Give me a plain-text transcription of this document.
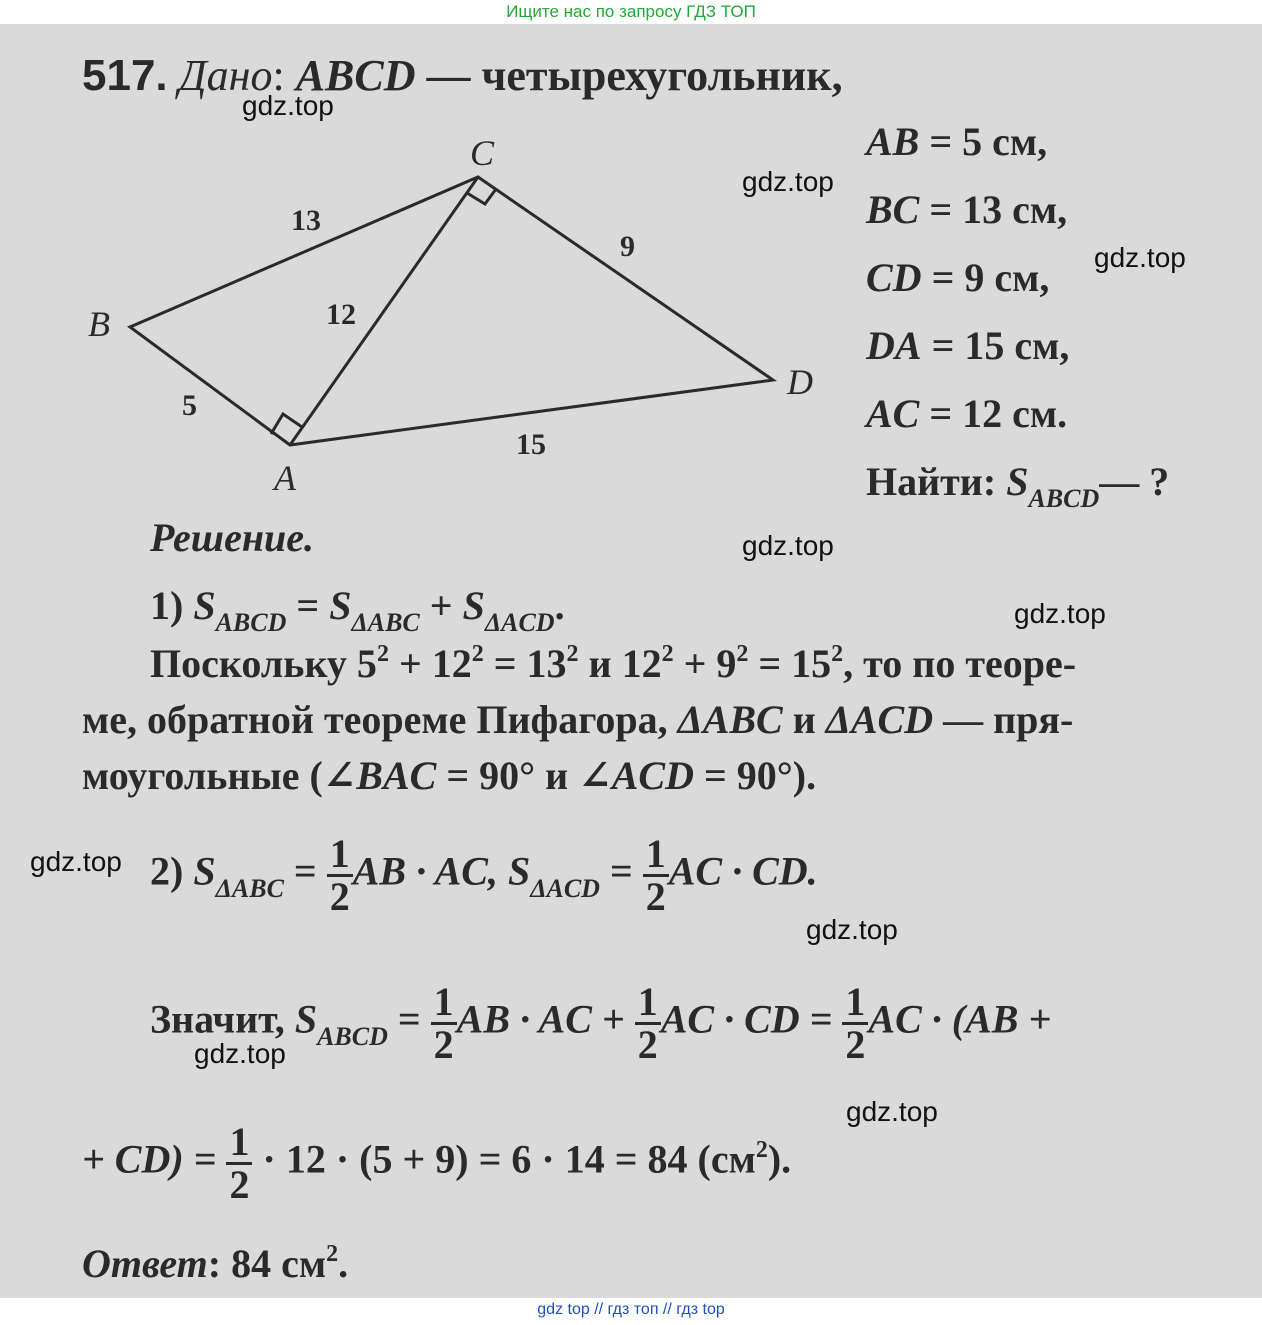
Ищите нас по запросу ГДЗ ТОП
517. Дано: ABCD — четырехугольник,
B
C
D
A
13
12
9
5
15
AB = 5 см,
BC = 13 см,
CD = 9 см,
DA = 15 см,
AC = 12 см.
Найти: $S_{ABCD}—$ ?
Решение.
1) $S_{ABCD} = S_{\Delta ABC} + S_{\Delta ACD}$.
Поскольку $5^2 + 12^2 = 13^2$ и $12^2 + 9^2 = 15^2$, то по теоре-
ме, обратной теореме Пифагора, ΔABC и ΔACD — пря-
моугольные (∠BAC = 90° и ∠ACD = 90°).
2) $S_{\Delta ABC} = \frac{1}{2}$ AB · AC, $S_{\Delta ACD} = \frac{1}{2}$ AC · CD.
Значит, $S_{ABCD} = \frac{1}{2}$ AB · AC + $\frac{1}{2}$ AC · CD = $\frac{1}{2}$ AC · (AB +
+ $CD) = \frac{1}{2} \cdot 12 \cdot (5 + 9) = 6 \cdot 14 = 84$ $(см^2)$.
Ответ: 84 $см^2$.
gdz.top
gdz.top
gdz.top
gdz.top
gdz.top
gdz.top
gdz.top
gdz.top
gdz.top
gdz top // гдз топ // гдз top
